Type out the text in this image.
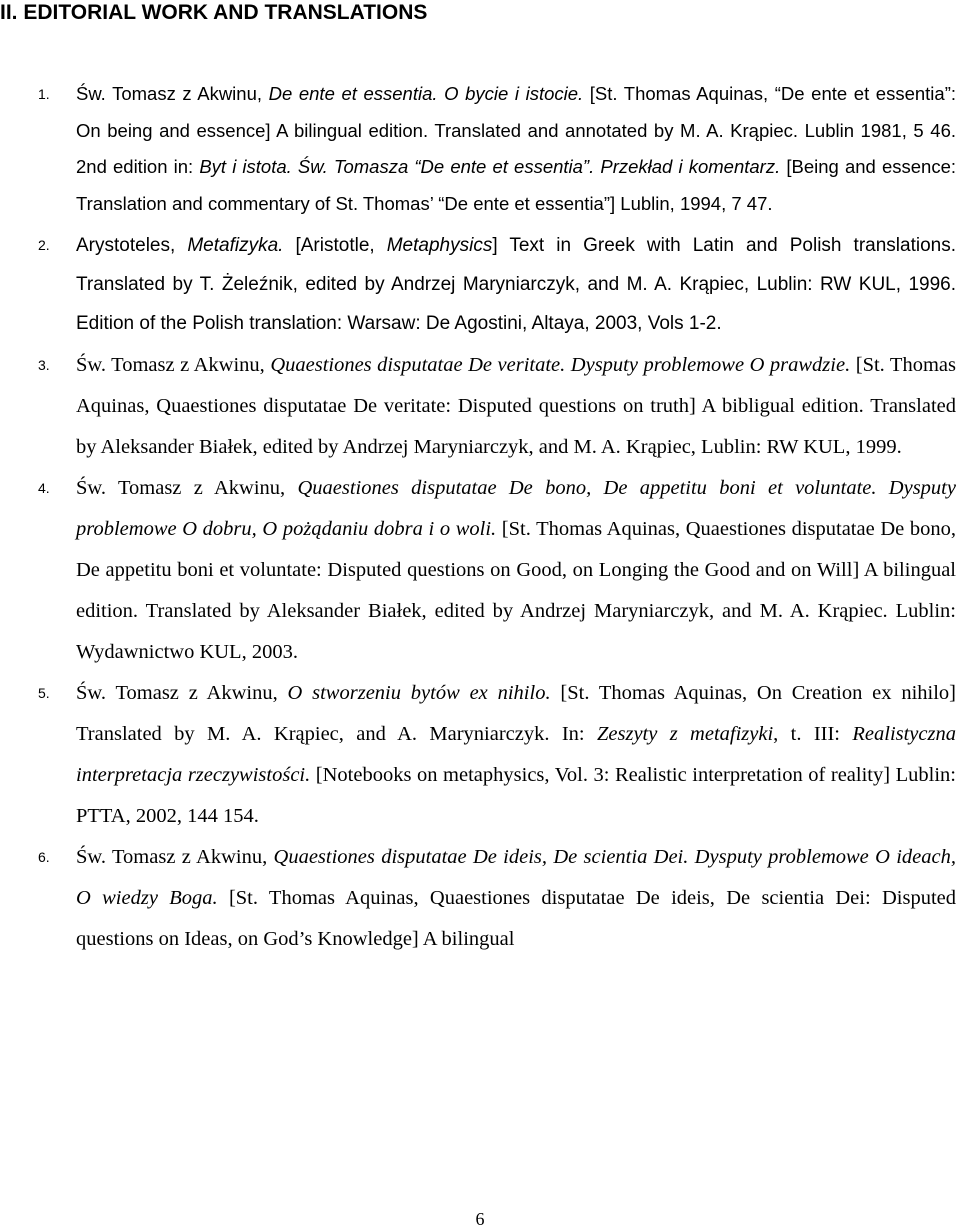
II. EDITORIAL WORK AND TRANSLATIONS
1. Św. Tomasz z Akwinu, De ente et essentia. O bycie i istocie. [St. Thomas Aquinas, “De ente et essentia”: On being and essence] A bilingual edition. Translated and annotated by M. A. Krąpiec. Lublin 1981, 5 46. 2nd edition in: Byt i istota. Św. Tomasza “De ente et essentia”. Przekład i komentarz. [Being and essence: Translation and commentary of St. Thomas’ “De ente et essentia”] Lublin, 1994, 7 47.
2. Arystoteles, Metafizyka. [Aristotle, Metaphysics] Text in Greek with Latin and Polish translations. Translated by T. Żeleźnik, edited by Andrzej Maryniarczyk, and M. A. Krąpiec, Lublin: RW KUL, 1996. Edition of the Polish translation: Warsaw: De Agostini, Altaya, 2003, Vols 1-2.
3. Św. Tomasz z Akwinu, Quaestiones disputatae De veritate. Dysputy problemowe O prawdzie. [St. Thomas Aquinas, Quaestiones disputatae De veritate: Disputed questions on truth] A bibligual edition. Translated by Aleksander Białek, edited by Andrzej Maryniarczyk, and M. A. Krąpiec, Lublin: RW KUL, 1999.
4. Św. Tomasz z Akwinu, Quaestiones disputatae De bono, De appetitu boni et voluntate. Dysputy problemowe O dobru, O pożądaniu dobra i o woli. [St. Thomas Aquinas, Quaestiones disputatae De bono, De appetitu boni et voluntate: Disputed questions on Good, on Longing the Good and on Will] A bilingual edition. Translated by Aleksander Białek, edited by Andrzej Maryniarczyk, and M. A. Krąpiec. Lublin: Wydawnictwo KUL, 2003.
5. Św. Tomasz z Akwinu, O stworzeniu bytów ex nihilo. [St. Thomas Aquinas, On Creation ex nihilo] Translated by M. A. Krąpiec, and A. Maryniarczyk. In: Zeszyty z metafizyki, t. III: Realistyczna interpretacja rzeczywistości. [Notebooks on metaphysics, Vol. 3: Realistic interpretation of reality] Lublin: PTTA, 2002, 144 154.
6. Św. Tomasz z Akwinu, Quaestiones disputatae De ideis, De scientia Dei. Dysputy problemowe O ideach, O wiedzy Boga. [St. Thomas Aquinas, Quaestiones disputatae De ideis, De scientia Dei: Disputed questions on Ideas, on God’s Knowledge] A bilingual
6
